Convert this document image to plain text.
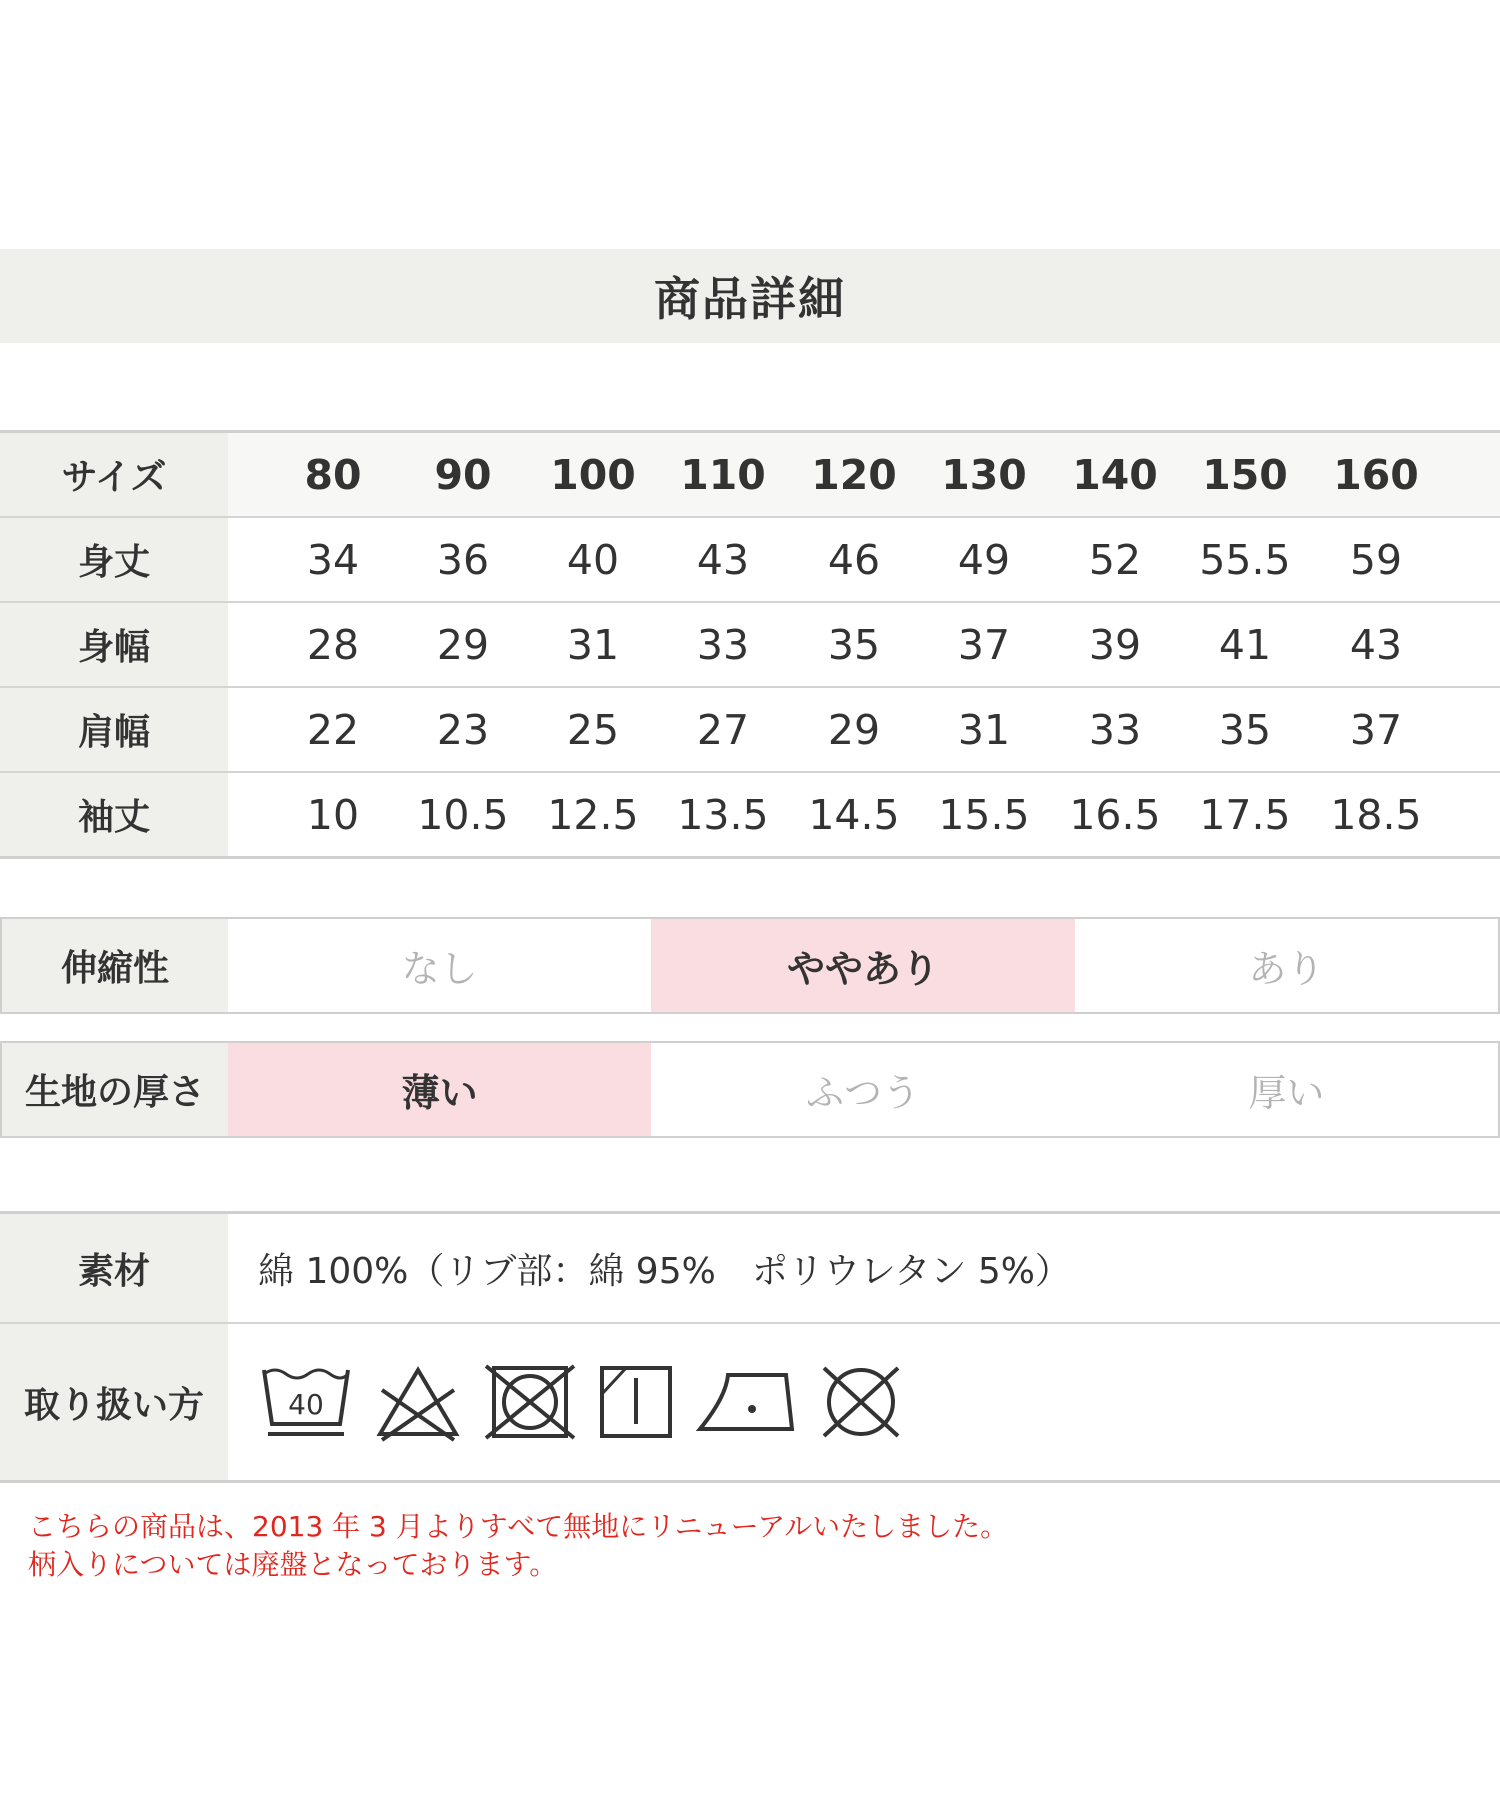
商品詳細
サイズ	80	90	100	110	120	130	140	150	160
身丈	34	36	40	43	46	49	52	55.5	59
身幅	28	29	31	33	35	37	39	41	43
肩幅	22	23	25	27	29	31	33	35	37
袖丈	10	10.5 12.5 13.5 14.5 15.5 16.5 17.5 18.5
伸縮性	なし	ややあり	あり
生地の厚さ	薄い	ふつう	厚い
素材	綿 100%（リブ部：綿 95%　ポリウレタン 5%）
取り扱い方	40
こちらの商品は、2013 年 3 月よりすべて無地にリニューアルいたしました。
柄入りについては廃盤となっております。
